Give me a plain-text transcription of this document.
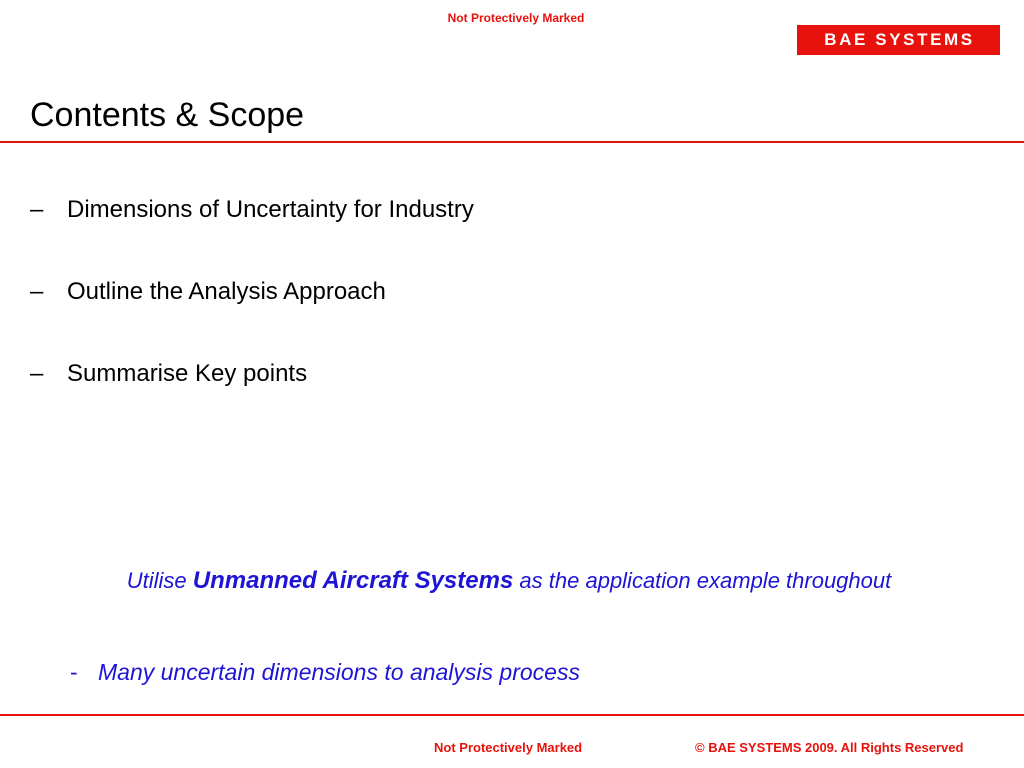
Not Protectively Marked
BAE SYSTEMS
Contents & Scope
– Dimensions of Uncertainty for Industry
– Outline the Analysis Approach
– Summarise Key points
Utilise Unmanned Aircraft Systems as the application example throughout
- Many uncertain dimensions to analysis process
Not Protectively Marked	© BAE SYSTEMS 2009. All Rights Reserved
